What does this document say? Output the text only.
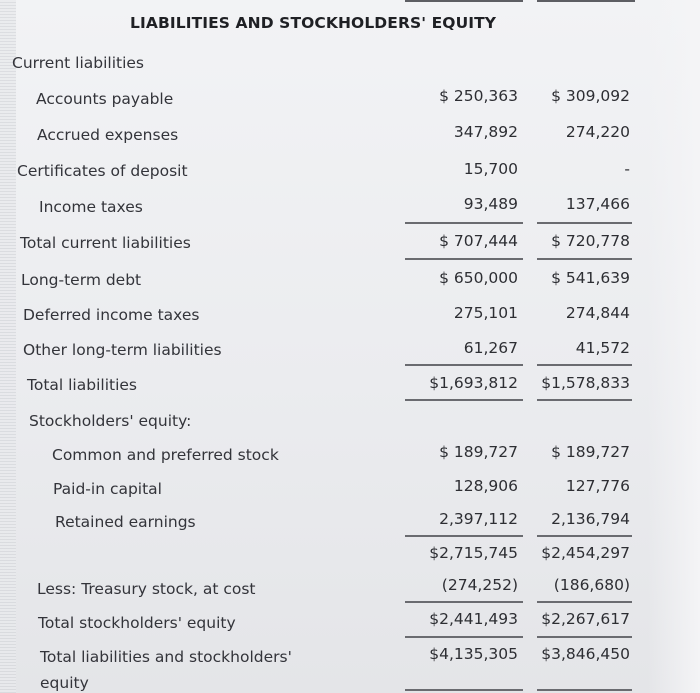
LIABILITIES AND STOCKHOLDERS' EQUITY
Current liabilities
Accounts payable	$ 250,363 $ 309,092
Accrued expenses	347,892	274,220
Certificates of deposit	15,700	-
Income taxes	93,489	137,466
Total current liabilities	$ 707,444 $ 720,778
Long-term debt	$ 650,000 $ 541,639
Deferred income taxes	275,101	274,844
Other long-term liabilities	61,267	41,572
Total liabilities	$1,693,812 $1,578,833
Stockholders' equity:
Common and preferred stock	$ 189,727 $ 189,727
Paid-in capital	128,906	127,776
Retained earnings	2,397,112 2,136,794
$2,715,745 $2,454,297
Less: Treasury stock, at cost	(274,252) (186,680)
Total stockholders' equity	$2,441,493 $2,267,617
Total liabilities and stockholders'
equity
$4,135,305 $3,846,450
